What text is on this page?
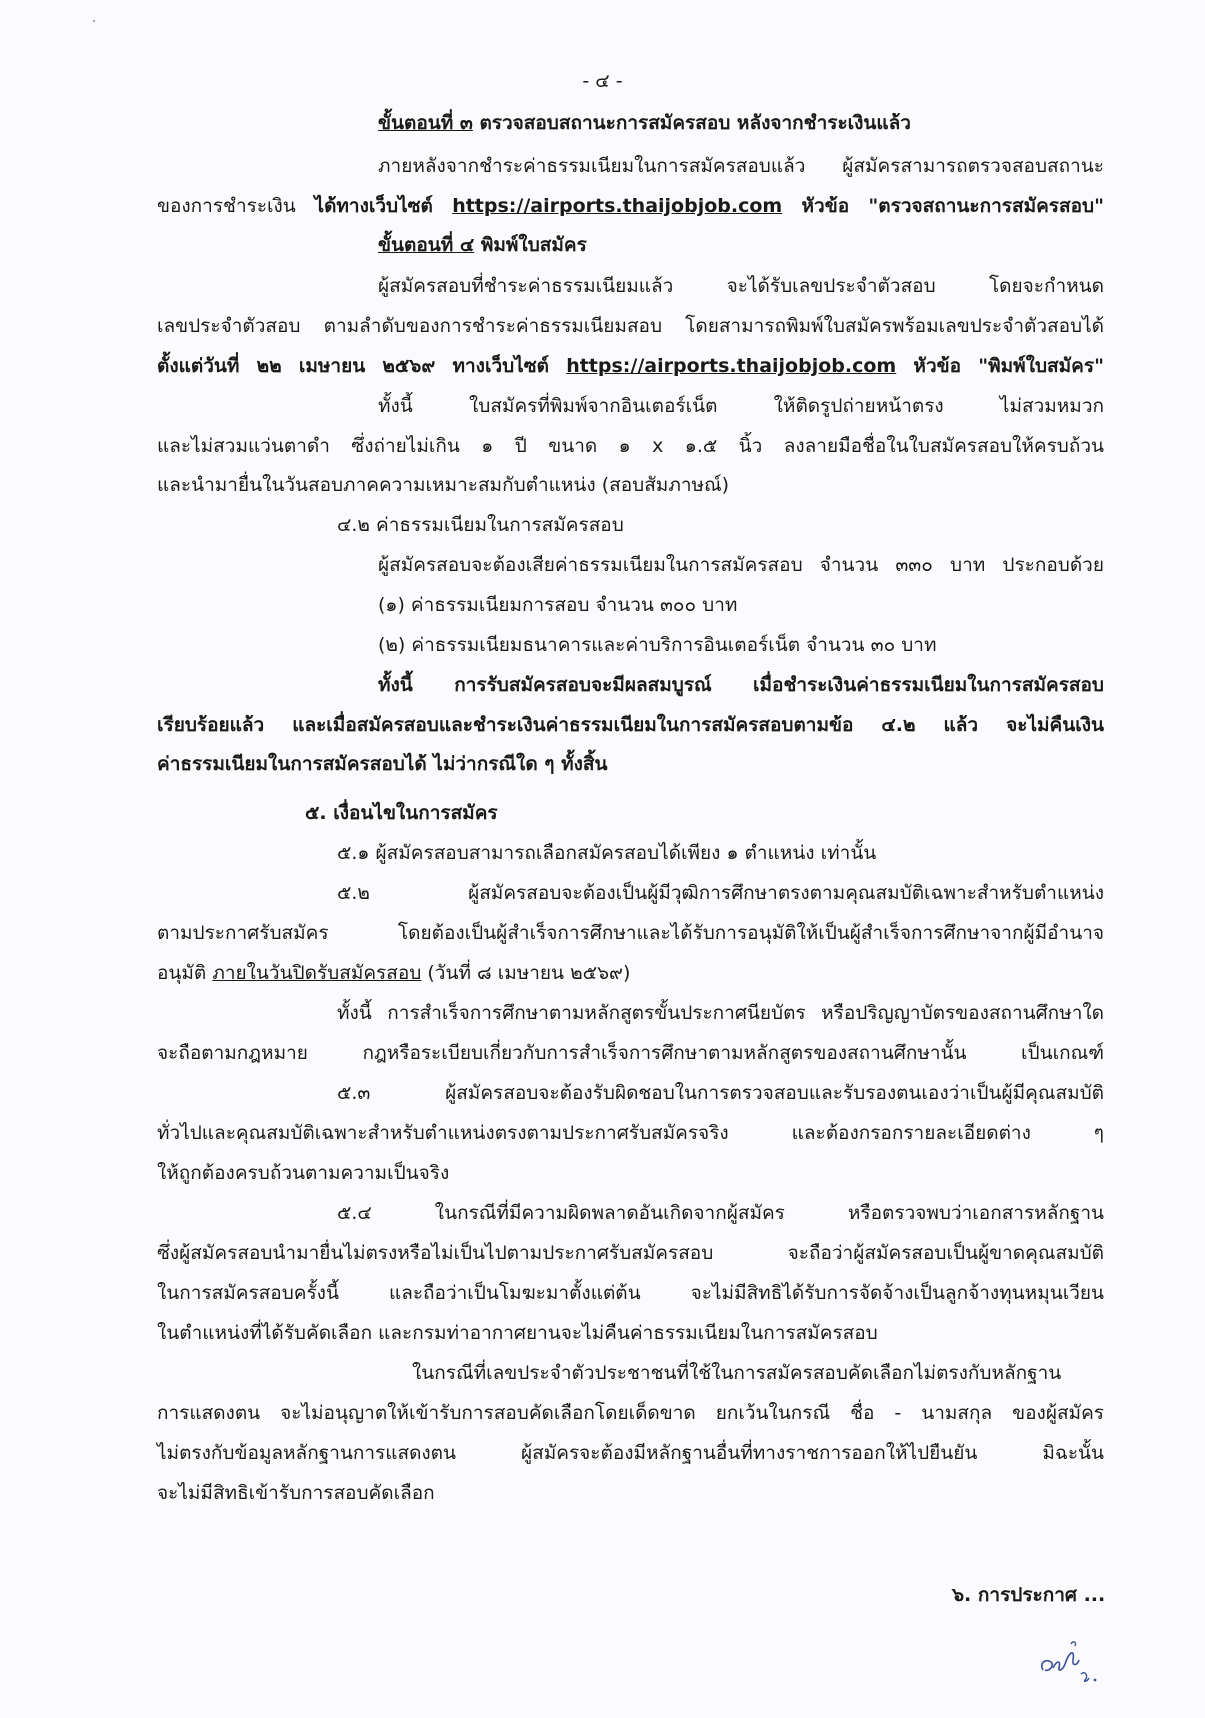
- ๔ -
ขั้นตอนที่ ๓ ตรวจสอบสถานะการสมัครสอบ หลังจากชำระเงินแล้ว
ภายหลังจากชำระค่าธรรมเนียมในการสมัครสอบแล้ว ผู้สมัครสามารถตรวจสอบสถานะ
ของการชำระเงิน ได้ทางเว็บไซต์ https://airports.thaijobjob.com หัวข้อ "ตรวจสถานะการสมัครสอบ"
ขั้นตอนที่ ๔ พิมพ์ใบสมัคร
ผู้สมัครสอบที่ชำระค่าธรรมเนียมแล้ว จะได้รับเลขประจำตัวสอบ โดยจะกำหนด
เลขประจำตัวสอบ ตามลำดับของการชำระค่าธรรมเนียมสอบ โดยสามารถพิมพ์ใบสมัครพร้อมเลขประจำตัวสอบได้
ตั้งแต่วันที่ ๒๒ เมษายน ๒๕๖๙ ทางเว็บไซต์ https://airports.thaijobjob.com หัวข้อ "พิมพ์ใบสมัคร"
ทั้งนี้ ใบสมัครที่พิมพ์จากอินเตอร์เน็ต ให้ติดรูปถ่ายหน้าตรง ไม่สวมหมวก
และไม่สวมแว่นตาดำ ซึ่งถ่ายไม่เกิน ๑ ปี ขนาด ๑ x ๑.๕ นิ้ว ลงลายมือชื่อในใบสมัครสอบให้ครบถ้วน
และนำมายื่นในวันสอบภาคความเหมาะสมกับตำแหน่ง (สอบสัมภาษณ์)
๔.๒ ค่าธรรมเนียมในการสมัครสอบ
ผู้สมัครสอบจะต้องเสียค่าธรรมเนียมในการสมัครสอบ จำนวน ๓๓๐ บาท ประกอบด้วย
(๑) ค่าธรรมเนียมการสอบ จำนวน ๓๐๐ บาท
(๒) ค่าธรรมเนียมธนาคารและค่าบริการอินเตอร์เน็ต จำนวน ๓๐ บาท
ทั้งนี้ การรับสมัครสอบจะมีผลสมบูรณ์ เมื่อชำระเงินค่าธรรมเนียมในการสมัครสอบ
เรียบร้อยแล้ว และเมื่อสมัครสอบและชำระเงินค่าธรรมเนียมในการสมัครสอบตามข้อ ๔.๒ แล้ว จะไม่คืนเงิน
ค่าธรรมเนียมในการสมัครสอบได้ ไม่ว่ากรณีใด ๆ ทั้งสิ้น
๕. เงื่อนไขในการสมัคร
๕.๑ ผู้สมัครสอบสามารถเลือกสมัครสอบได้เพียง ๑ ตำแหน่ง เท่านั้น
๕.๒ ผู้สมัครสอบจะต้องเป็นผู้มีวุฒิการศึกษาตรงตามคุณสมบัติเฉพาะสำหรับตำแหน่ง
ตามประกาศรับสมัคร โดยต้องเป็นผู้สำเร็จการศึกษาและได้รับการอนุมัติให้เป็นผู้สำเร็จการศึกษาจากผู้มีอำนาจ
อนุมัติ ภายในวันปิดรับสมัครสอบ (วันที่ ๘ เมษายน ๒๕๖๙)
ทั้งนี้ การสำเร็จการศึกษาตามหลักสูตรขั้นประกาศนียบัตร หรือปริญญาบัตรของสถานศึกษาใด
จะถือตามกฎหมาย กฎหรือระเบียบเกี่ยวกับการสำเร็จการศึกษาตามหลักสูตรของสถานศึกษานั้น เป็นเกณฑ์
๕.๓ ผู้สมัครสอบจะต้องรับผิดชอบในการตรวจสอบและรับรองตนเองว่าเป็นผู้มีคุณสมบัติ
ทั่วไปและคุณสมบัติเฉพาะสำหรับตำแหน่งตรงตามประกาศรับสมัครจริง และต้องกรอกรายละเอียดต่าง ๆ
ให้ถูกต้องครบถ้วนตามความเป็นจริง
๕.๔ ในกรณีที่มีความผิดพลาดอันเกิดจากผู้สมัคร หรือตรวจพบว่าเอกสารหลักฐาน
ซึ่งผู้สมัครสอบนำมายื่นไม่ตรงหรือไม่เป็นไปตามประกาศรับสมัครสอบ จะถือว่าผู้สมัครสอบเป็นผู้ขาดคุณสมบัติ
ในการสมัครสอบครั้งนี้ และถือว่าเป็นโมฆะมาตั้งแต่ต้น จะไม่มีสิทธิได้รับการจัดจ้างเป็นลูกจ้างทุนหมุนเวียน
ในตำแหน่งที่ได้รับคัดเลือก และกรมท่าอากาศยานจะไม่คืนค่าธรรมเนียมในการสมัครสอบ
ในกรณีที่เลขประจำตัวประชาชนที่ใช้ในการสมัครสอบคัดเลือกไม่ตรงกับหลักฐาน
การแสดงตน จะไม่อนุญาตให้เข้ารับการสอบคัดเลือกโดยเด็ดขาด ยกเว้นในกรณี ชื่อ - นามสกุล ของผู้สมัคร
ไม่ตรงกับข้อมูลหลักฐานการแสดงตน ผู้สมัครจะต้องมีหลักฐานอื่นที่ทางราชการออกให้ไปยืนยัน มิฉะนั้น
จะไม่มีสิทธิเข้ารับการสอบคัดเลือก
๖. การประกาศ ...
